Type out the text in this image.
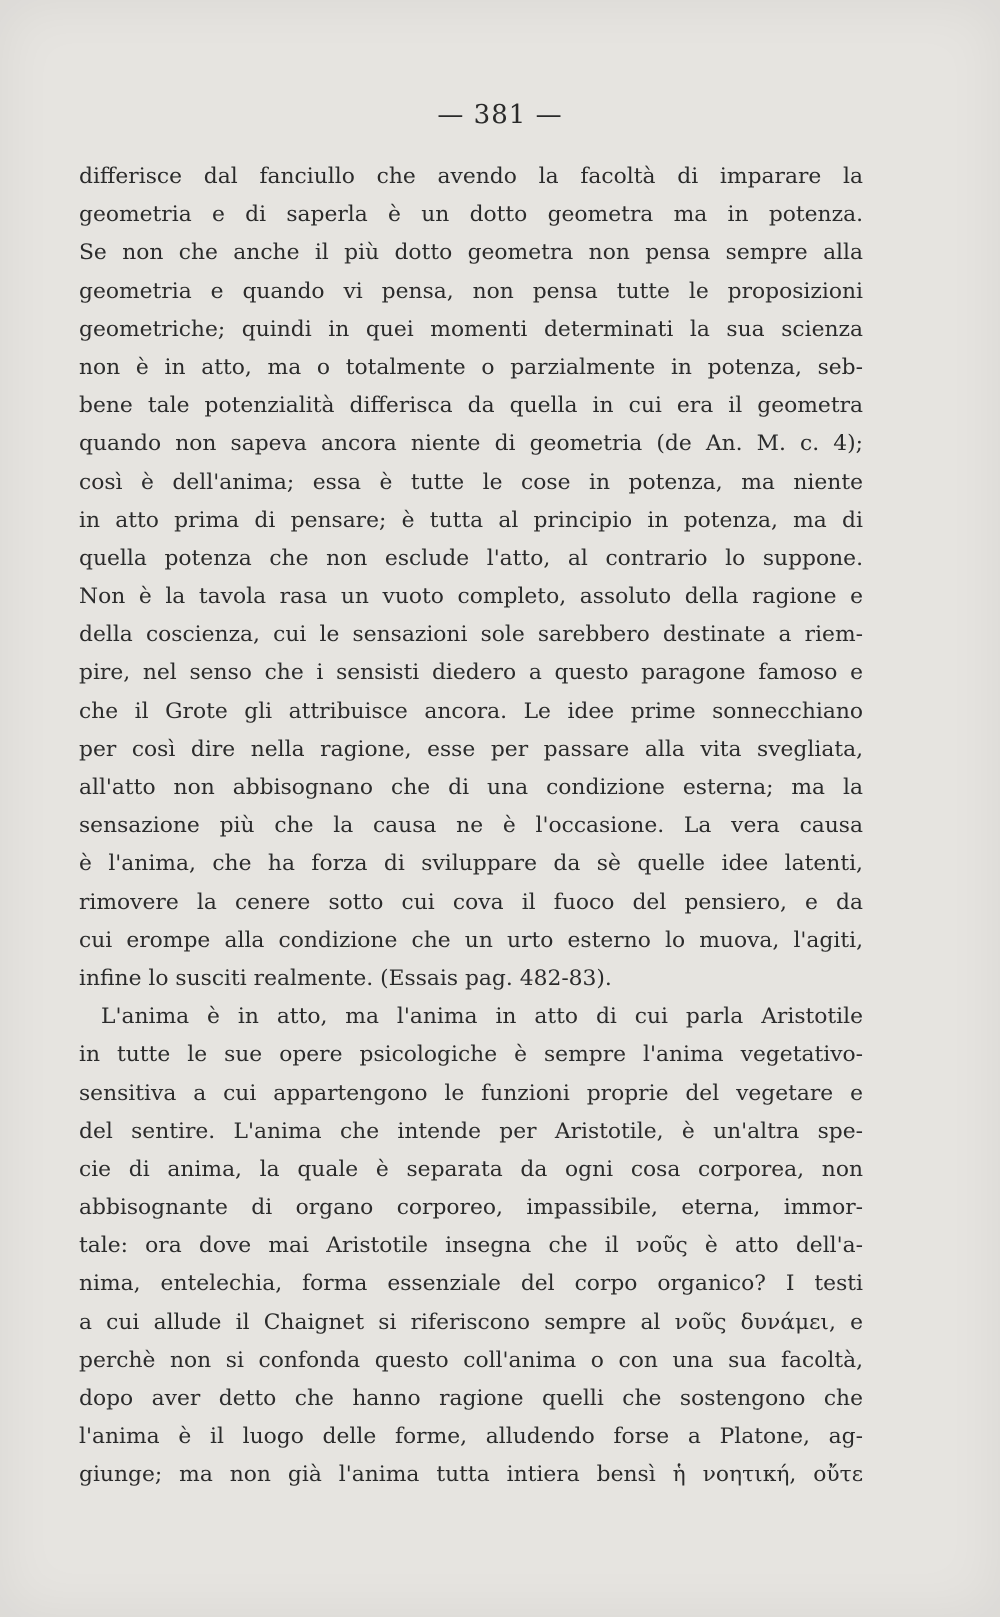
— 381 —
differisce dal fanciullo che avendo la facoltà di imparare la
geometria e di saperla è un dotto geometra ma in potenza.
Se non che anche il più dotto geometra non pensa sempre alla
geometria e quando vi pensa, non pensa tutte le proposizioni
geometriche; quindi in quei momenti determinati la sua scienza
non è in atto, ma o totalmente o parzialmente in potenza, seb-
bene tale potenzialità differisca da quella in cui era il geometra
quando non sapeva ancora niente di geometria (de An. M. c. 4);
così è dell'anima; essa è tutte le cose in potenza, ma niente
in atto prima di pensare; è tutta al principio in potenza, ma di
quella potenza che non esclude l'atto, al contrario lo suppone.
Non è la tavola rasa un vuoto completo, assoluto della ragione e
della coscienza, cui le sensazioni sole sarebbero destinate a riem-
pire, nel senso che i sensisti diedero a questo paragone famoso e
che il Grote gli attribuisce ancora. Le idee prime sonnecchiano
per così dire nella ragione, esse per passare alla vita svegliata,
all'atto non abbisognano che di una condizione esterna; ma la
sensazione più che la causa ne è l'occasione. La vera causa
è l'anima, che ha forza di sviluppare da sè quelle idee latenti,
rimovere la cenere sotto cui cova il fuoco del pensiero, e da
cui erompe alla condizione che un urto esterno lo muova, l'agiti,
infine lo susciti realmente. (Essais pag. 482-83).
L'anima è in atto, ma l'anima in atto di cui parla Aristotile
in tutte le sue opere psicologiche è sempre l'anima vegetativo-
sensitiva a cui appartengono le funzioni proprie del vegetare e
del sentire. L'anima che intende per Aristotile, è un'altra spe-
cie di anima, la quale è separata da ogni cosa corporea, non
abbisognante di organo corporeo, impassibile, eterna, immor-
tale: ora dove mai Aristotile insegna che il νοῦς è atto dell'a-
nima, entelechia, forma essenziale del corpo organico? I testi
a cui allude il Chaignet si riferiscono sempre al νοῦς δυνάμει, e
perchè non si confonda questo coll'anima o con una sua facoltà,
dopo aver detto che hanno ragione quelli che sostengono che
l'anima è il luogo delle forme, alludendo forse a Platone, ag-
giunge; ma non già l'anima tutta intiera bensì ἡ νοητική, οὔτε
